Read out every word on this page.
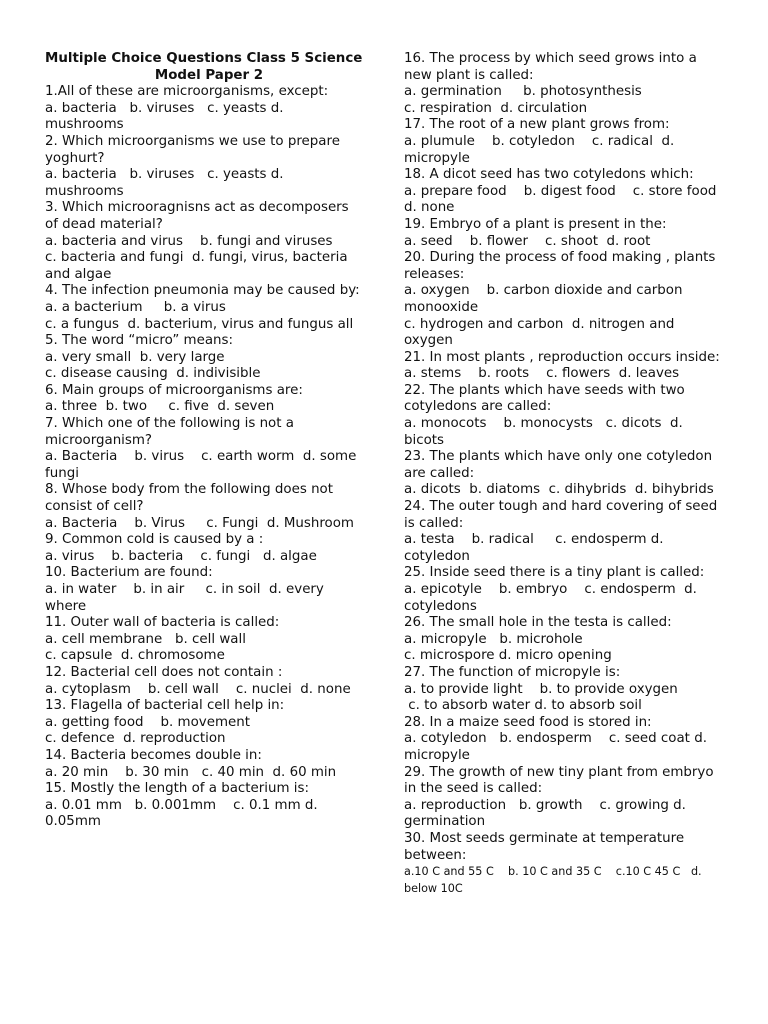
Multiple Choice Questions Class 5 Science

Model Paper 2

1.All of these are microorganisms, except:

a. bacteria   b. viruses   c. yeasts d. mushrooms

2. Which microorganisms we use to prepare yoghurt?

a. bacteria   b. viruses   c. yeasts d. mushrooms

3. Which microoragnisns act as decomposers of dead material?

a. bacteria and virus    b. fungi and viruses

c. bacteria and fungi  d. fungi, virus, bacteria and algae

4. The infection pneumonia may be caused by:

a. a bacterium     b. a virus

c. a fungus  d. bacterium, virus and fungus all

5. The word “micro” means:

a. very small  b. very large

c. disease causing  d. indivisible

6. Main groups of microorganisms are:

a. three  b. two     c. five  d. seven

7. Which one of the following is not a microorganism?

a. Bacteria    b. virus    c. earth worm  d. some fungi

8. Whose body from the following does not consist of cell?

a. Bacteria    b. Virus     c. Fungi  d. Mushroom

9. Common cold is caused by a :

a. virus    b. bacteria    c. fungi   d. algae

10. Bacterium are found:

a. in water    b. in air     c. in soil  d. every where

11. Outer wall of bacteria is called:

a. cell membrane   b. cell wall

c. capsule  d. chromosome

12. Bacterial cell does not contain :

a. cytoplasm    b. cell wall    c. nuclei  d. none

13. Flagella of bacterial cell help in:

a. getting food    b. movement

c. defence  d. reproduction

14. Bacteria becomes double in:

a. 20 min    b. 30 min   c. 40 min  d. 60 min

15. Mostly the length of a bacterium is:

a. 0.01 mm   b. 0.001mm    c. 0.1 mm d. 0.05mm

16. The process by which seed grows into a new plant is called:

a. germination     b. photosynthesis

c. respiration  d. circulation

17. The root of a new plant grows from:

a. plumule    b. cotyledon    c. radical  d. micropyle

18. A dicot seed has two cotyledons which:

a. prepare food    b. digest food    c. store food  d. none

19. Embryo of a plant is present in the:

a. seed    b. flower    c. shoot  d. root

20. During the process of food making , plants releases:

a. oxygen    b. carbon dioxide and carbon monooxide

c. hydrogen and carbon  d. nitrogen and oxygen

21. In most plants , reproduction occurs inside:

a. stems    b. roots    c. flowers  d. leaves

22. The plants which have seeds with two cotyledons are called:

a. monocots    b. monocysts   c. dicots  d. bicots

23. The plants which have only one cotyledon are called:

a. dicots  b. diatoms  c. dihybrids  d. bihybrids

24. The outer tough and hard covering of seed is called:

a. testa    b. radical     c. endosperm d. cotyledon

25. Inside seed there is a tiny plant is called:

a. epicotyle    b. embryo    c. endosperm  d. cotyledons

26. The small hole in the testa is called:

a. micropyle   b. microhole

c. microspore d. micro opening

27. The function of micropyle is:

a. to provide light    b. to provide oxygen

c. to absorb water d. to absorb soil

28. In a maize seed food is stored in:

a. cotyledon   b. endosperm    c. seed coat d. micropyle

29. The growth of new tiny plant from embryo in the seed is called:

a. reproduction   b. growth    c. growing d. germination

30. Most seeds germinate at temperature between:

a.10 C and 55 C    b. 10 C and 35 C    c.10 C 45 C   d. below 10C
